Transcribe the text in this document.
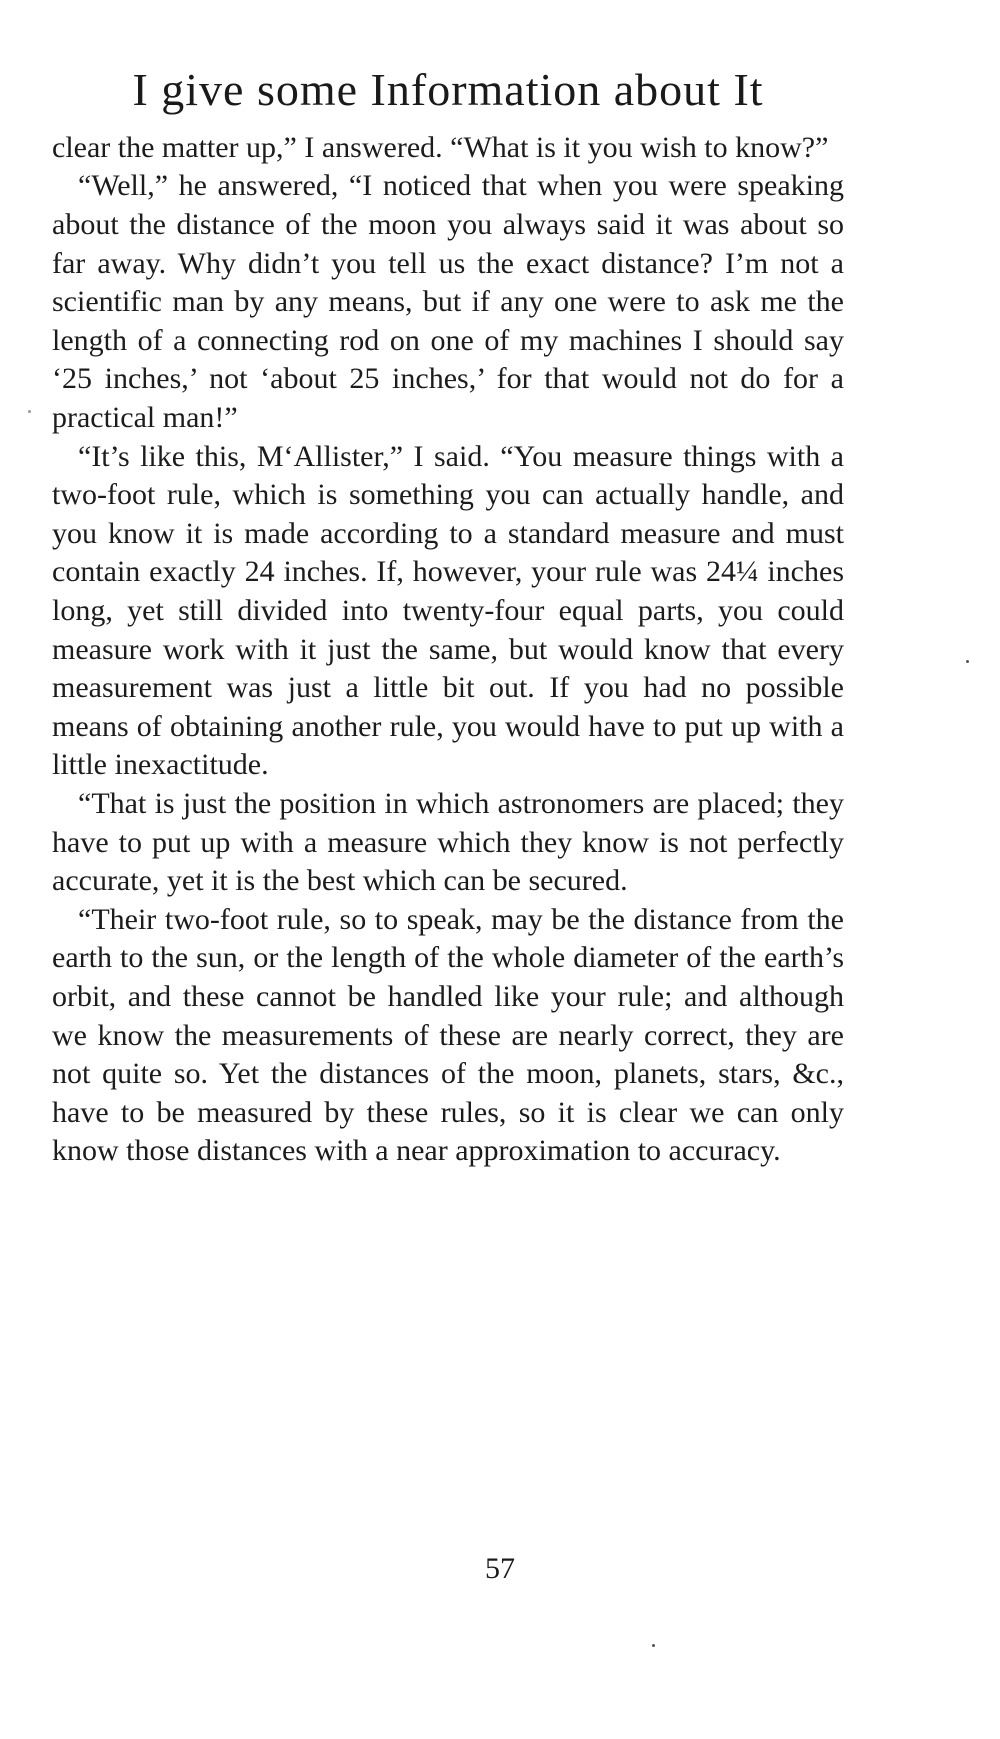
I give some Information about It

clear the matter up,” I answered. “What is it you wish to know?”

“Well,” he answered, “I noticed that when you were speaking about the distance of the moon you always said it was about so far away. Why didn’t you tell us the exact distance? I’m not a scientific man by any means, but if any one were to ask me the length of a connecting rod on one of my machines I should say ‘25 inches,’ not ‘about 25 inches,’ for that would not do for a practical man!”

“It’s like this, M‘Allister,” I said. “You measure things with a two-foot rule, which is something you can actually handle, and you know it is made according to a standard measure and must contain exactly 24 inches. If, however, your rule was 24¼ inches long, yet still divided into twenty-four equal parts, you could measure work with it just the same, but would know that every measurement was just a little bit out. If you had no possible means of obtaining another rule, you would have to put up with a little inexactitude.

“That is just the position in which astronomers are placed; they have to put up with a measure which they know is not perfectly accurate, yet it is the best which can be secured.

“Their two-foot rule, so to speak, may be the distance from the earth to the sun, or the length of the whole diameter of the earth’s orbit, and these cannot be handled like your rule; and although we know the measurements of these are nearly correct, they are not quite so. Yet the distances of the moon, planets, stars, &c., have to be measured by these rules, so it is clear we can only know those distances with a near approximation to accuracy.

57
